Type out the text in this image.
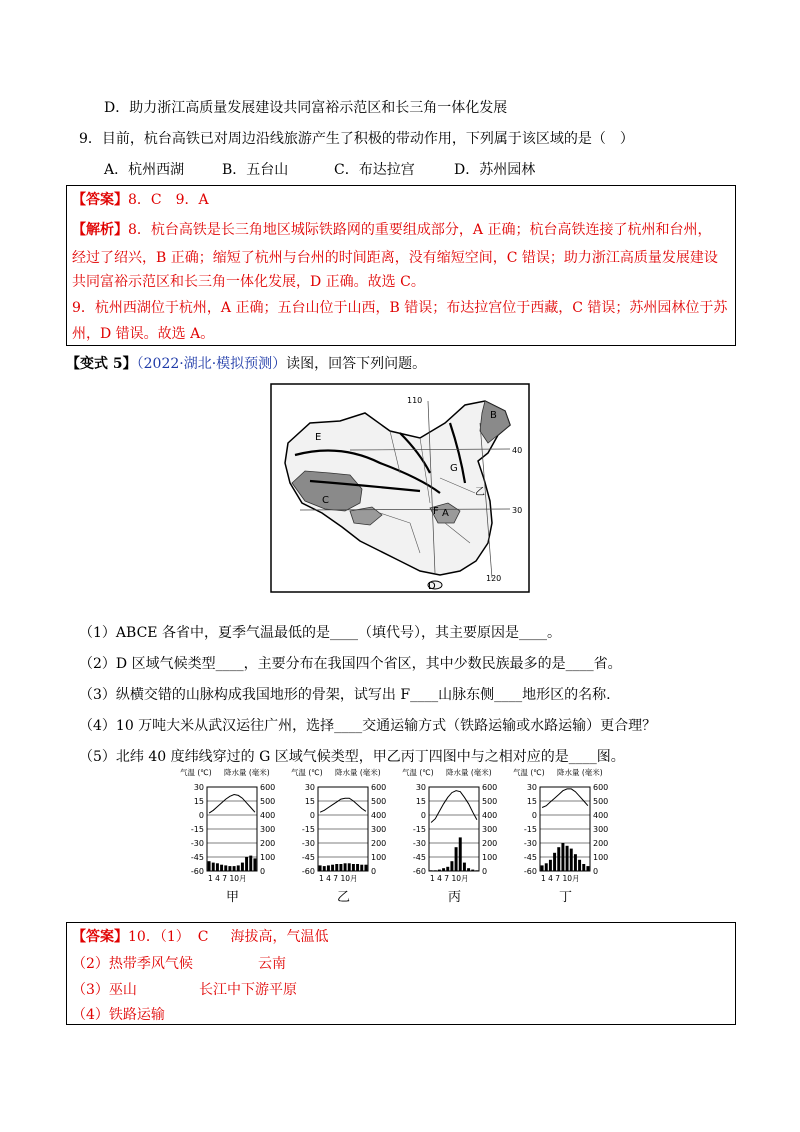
D．助力浙江高质量发展建设共同富裕示范区和长三角一体化发展
9．目前，杭台高铁已对周边沿线旅游产生了积极的带动作用，下列属于该区域的是（　）
A．杭州西湖	B．五台山	C．布达拉宫	D．苏州园林
【答案】8．C　9．A
【解析】8．杭台高铁是长三角地区城际铁路网的重要组成部分，A 正确；杭台高铁连接了杭州和台州，
经过了绍兴，B 正确；缩短了杭州与台州的时间距离，没有缩短空间，C 错误；助力浙江高质量发展建设
共同富裕示范区和长三角一体化发展，D 正确。故选 C。
9．杭州西湖位于杭州，A 正确；五台山位于山西，B 错误；布达拉宫位于西藏，C 错误；苏州园林位于苏
州，D 错误。故选 A。
【变式 5】（2022·湖北·模拟预测）读图，回答下列问题。
110
B
E
G
40
乙
C
F A	30
120
D
（1）ABCE 各省中，夏季气温最低的是____（填代号），其主要原因是____。
（2）D 区域气候类型____，主要分布在我国四个省区，其中少数民族最多的是____省。
（3）纵横交错的山脉构成我国地形的骨架，试写出 F____山脉东侧____地形区的名称.
（4）10 万吨大米从武汉运往广州，选择____交通运输方式（铁路运输或水路运输）更合理？
（5）北纬 40 度纬线穿过的 G 区域气候类型，甲乙丙丁四图中与之相对应的是____图。
气温 (℃) 降水量 (毫米)
30
15
0
-15
-30
-45
-60
600
500
400
300
200
100
0
1 4 7 10月
甲
气温 (℃) 降水量 (毫米)
30
15
0
-15
-30
-45
-60
600
500
400
300
200
100
0
1 4 7 10月
乙
气温 (℃) 降水量 (毫米)
30
15
0
-15
-30
-45
-60
600
500
400
300
200
100
0
1 4 7 10月
丙
气温 (℃) 降水量 (毫米)
30
15
0
-15
-30
-45
-60
600
500
400
300
200
100
0
1 4 7 10月
丁
【答案】10．（1） C 海拔高，气温低
（2）热带季风气候	云南
（3）巫山	长江中下游平原
（4）铁路运输
